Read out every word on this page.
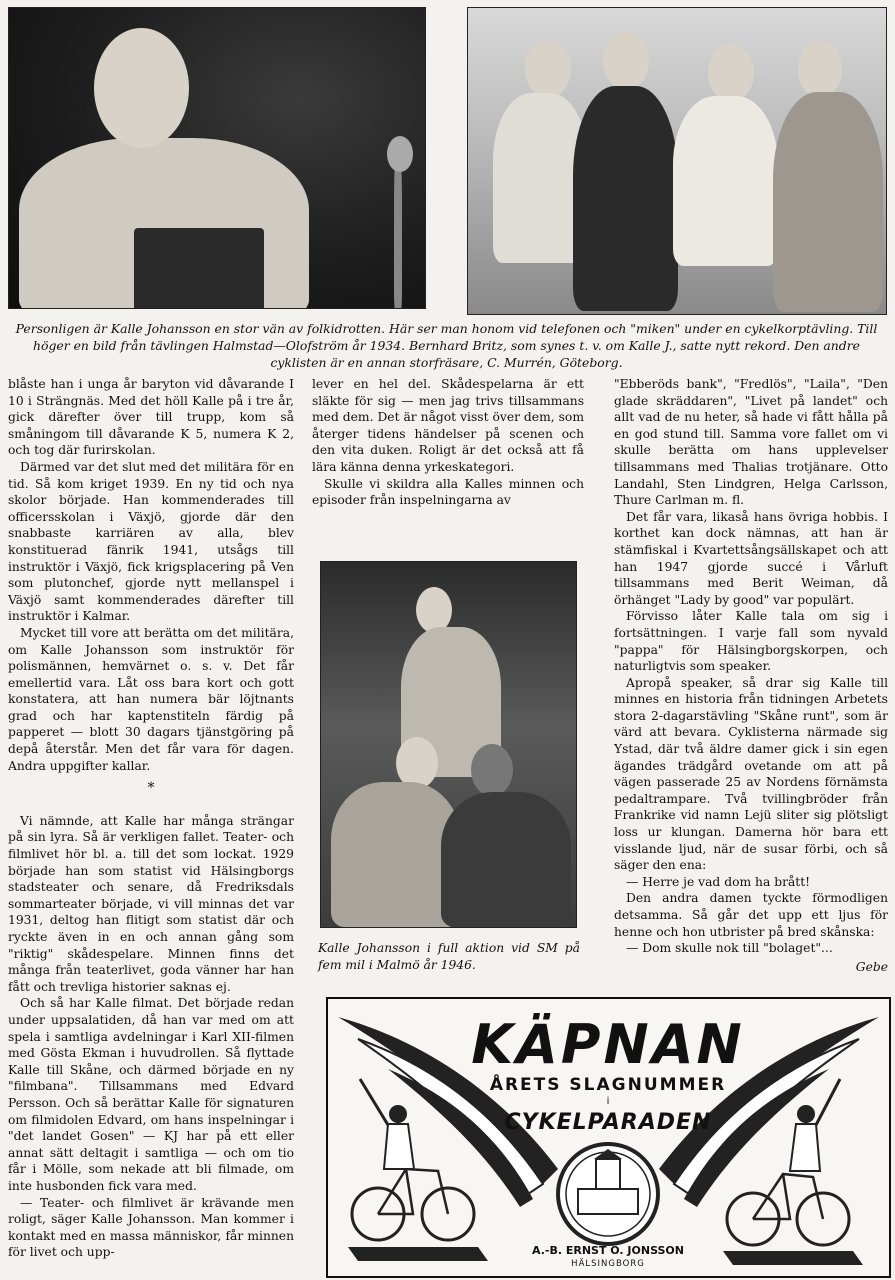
Personligen är Kalle Johansson en stor vän av folkidrotten. Här ser man honom vid telefonen och "miken" under en cykelkorptävling. Till höger en bild från tävlingen Halmstad—Olofström år 1934. Bernhard Britz, som synes t. v. om Kalle J., satte nytt rekord. Den andre cyklisten är en annan storfräsare, C. Murrén, Göteborg.

blåste han i unga år baryton vid dåvarande I 10 i Strängnäs. Med det höll Kalle på i tre år, gick därefter över till trupp, kom så småningom till dåvarande K 5, numera K 2, och tog där furirskolan.

Därmed var det slut med det militära för en tid. Så kom kriget 1939. En ny tid och nya skolor började. Han kommenderades till officersskolan i Växjö, gjorde där den snabbaste karriären av alla, blev konstituerad fänrik 1941, utsågs till instruktör i Växjö, fick krigsplacering på Ven som plutonchef, gjorde nytt mellanspel i Växjö samt kommenderades därefter till instruktör i Kalmar.

Mycket till vore att berätta om det militära, om Kalle Johansson som instruktör för polismännen, hemvärnet o. s. v. Det får emellertid vara. Låt oss bara kort och gott konstatera, att han numera bär löjtnants grad och har kaptenstiteln färdig på papperet — blott 30 dagars tjänstgöring på depå återstår. Men det får vara för dagen. Andra uppgifter kallar.

*

Vi nämnde, att Kalle har många strängar på sin lyra. Så är verkligen fallet. Teater- och filmlivet hör bl. a. till det som lockat. 1929 började han som statist vid Hälsingborgs stadsteater och senare, då Fredriksdals sommarteater började, vi vill minnas det var 1931, deltog han flitigt som statist där och ryckte även in en och annan gång som "riktig" skådespelare. Minnen finns det många från teaterlivet, goda vänner har han fått och trevliga historier saknas ej.

Och så har Kalle filmat. Det började redan under uppsalatiden, då han var med om att spela i samtliga avdelningar i Karl XII-filmen med Gösta Ekman i huvudrollen. Så flyttade Kalle till Skåne, och därmed började en ny "filmbana". Tillsammans med Edvard Persson. Och så berättar Kalle för signaturen om filmidolen Edvard, om hans inspelningar i "det landet Gosen" — KJ har på ett eller annat sätt deltagit i samtliga — och om tio får i Mölle, som nekade att bli filmade, om inte husbonden fick vara med.

— Teater- och filmlivet är krävande men roligt, säger Kalle Johansson. Man kommer i kontakt med en massa människor, får minnen för livet och upp-

lever en hel del. Skådespelarna är ett släkte för sig — men jag trivs tillsammans med dem. Det är något visst över dem, som återger tidens händelser på scenen och den vita duken. Roligt är det också att få lära känna denna yrkeskategori.

Skulle vi skildra alla Kalles minnen och episoder från inspelningarna av

Kalle Johansson i full aktion vid SM på fem mil i Malmö år 1946.

"Ebberöds bank", "Fredlös", "Laila", "Den glade skräddaren", "Livet på landet" och allt vad de nu heter, så hade vi fått hålla på en god stund till. Samma vore fallet om vi skulle berätta om hans upplevelser tillsammans med Thalias trotjänare. Otto Landahl, Sten Lindgren, Helga Carlsson, Thure Carlman m. fl.

Det får vara, likaså hans övriga hobbis. I korthet kan dock nämnas, att han är stämfiskal i Kvartettsångsällskapet och att han 1947 gjorde succé i Vårluft tillsammans med Berit Weiman, då örhänget "Lady by good" var populärt.

Förvisso låter Kalle tala om sig i fortsättningen. I varje fall som nyvald "pappa" för Hälsingborgskorpen, och naturligtvis som speaker.

Apropå speaker, så drar sig Kalle till minnes en historia från tidningen Arbetets stora 2-dagarstävling "Skåne runt", som är värd att bevara. Cyklisterna närmade sig Ystad, där två äldre damer gick i sin egen ägandes trädgård ovetande om att på vägen passerade 25 av Nordens förnämsta pedaltrampare. Två tvillingbröder från Frankrike vid namn Lejü sliter sig plötsligt loss ur klungan. Damerna hör bara ett visslande ljud, när de susar förbi, och så säger den ena:

— Herre je vad dom ha brått!

Den andra damen tyckte förmodligen detsamma. Så går det upp ett ljus för henne och hon utbrister på bred skånska:

— Dom skulle nok till "bolaget"...

Gebe
KÄPNAN
ÅRETS SLAGNUMMER
i
CYKELPARADEN
A.-B. ERNST O. JONSSON
HÄLSINGBORG
